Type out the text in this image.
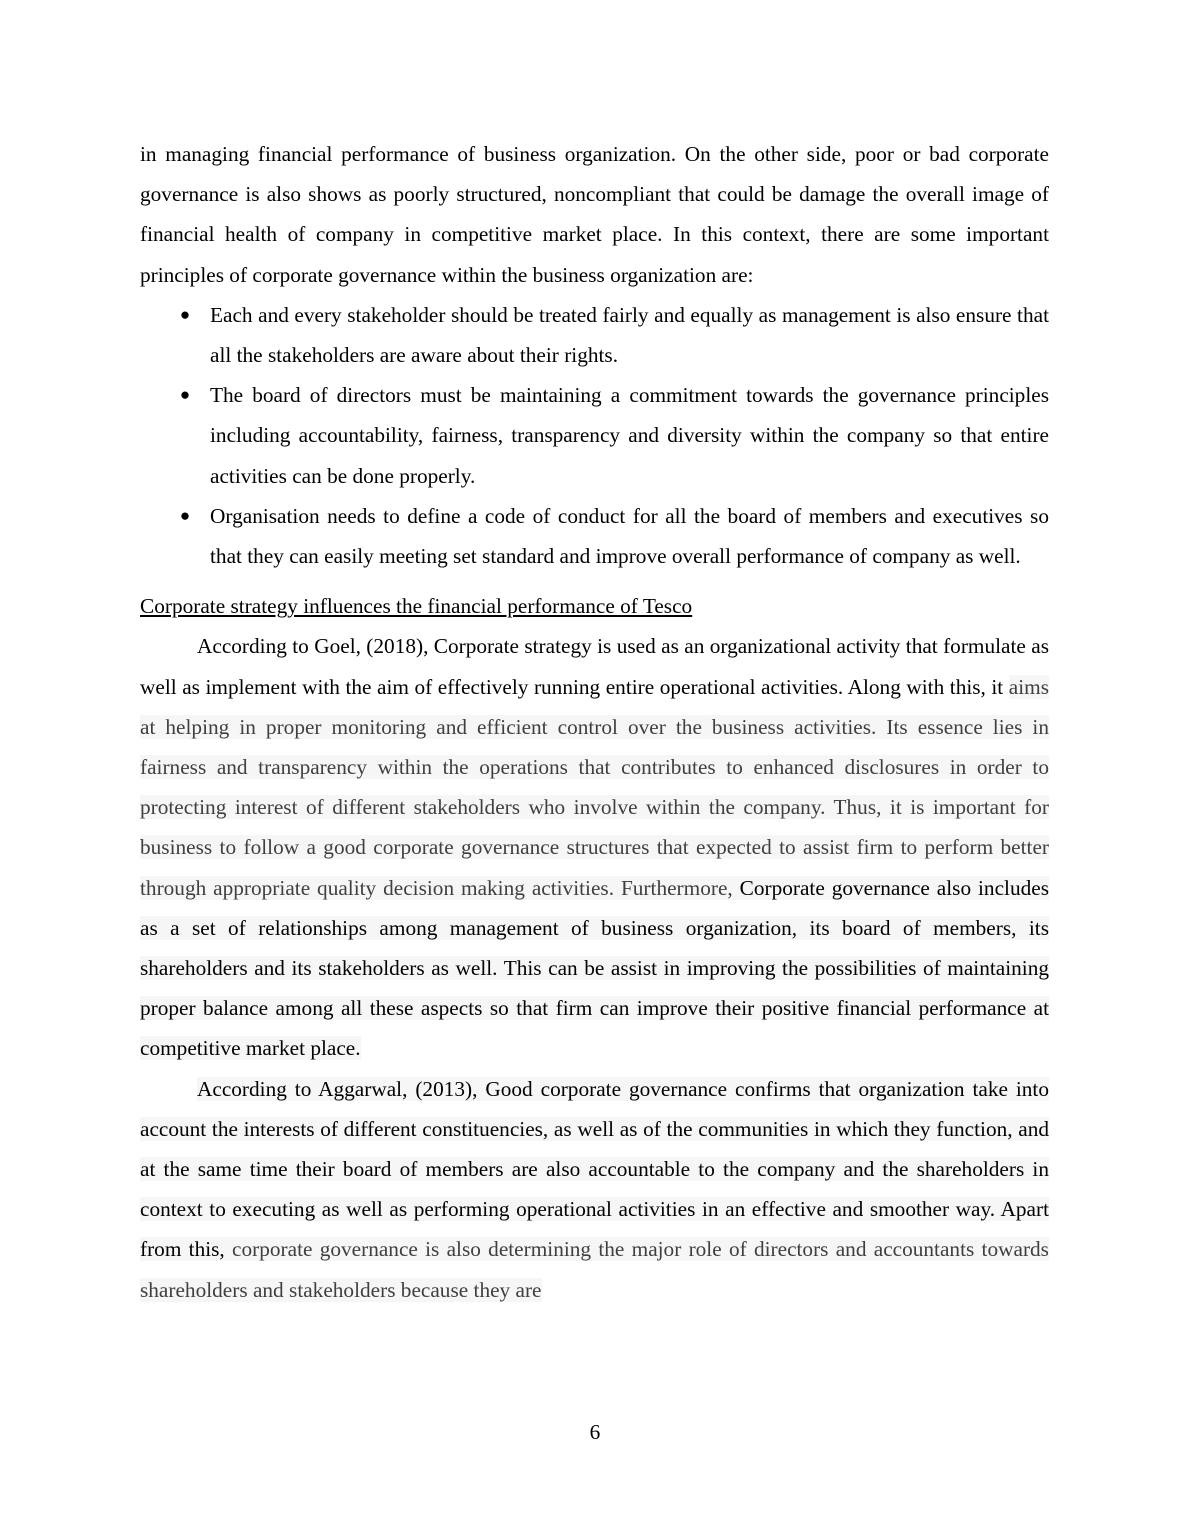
in managing financial performance of business organization. On the other side, poor or bad corporate governance is also shows as poorly structured, noncompliant that could be damage the overall image of financial health of company in competitive market place. In this context, there are some important principles of corporate governance within the business organization are:

● Each and every stakeholder should be treated fairly and equally as management is also ensure that all the stakeholders are aware about their rights.
● The board of directors must be maintaining a commitment towards the governance principles including accountability, fairness, transparency and diversity within the company so that entire activities can be done properly.
● Organisation needs to define a code of conduct for all the board of members and executives so that they can easily meeting set standard and improve overall performance of company as well.

Corporate strategy influences the financial performance of Tesco

According to Goel, (2018), Corporate strategy is used as an organizational activity that formulate as well as implement with the aim of effectively running entire operational activities. Along with this, it aims at helping in proper monitoring and efficient control over the business activities. Its essence lies in fairness and transparency within the operations that contributes to enhanced disclosures in order to protecting interest of different stakeholders who involve within the company. Thus, it is important for business to follow a good corporate governance structures that expected to assist firm to perform better through appropriate quality decision making activities. Furthermore, Corporate governance also includes as a set of relationships among management of business organization, its board of members, its shareholders and its stakeholders as well. This can be assist in improving the possibilities of maintaining proper balance among all these aspects so that firm can improve their positive financial performance at competitive market place.

According to Aggarwal, (2013), Good corporate governance confirms that organization take into account the interests of different constituencies, as well as of the communities in which they function, and at the same time their board of members are also accountable to the company and the shareholders in context to executing as well as performing operational activities in an effective and smoother way. Apart from this, corporate governance is also determining the major role of directors and accountants towards shareholders and stakeholders because they are

6
